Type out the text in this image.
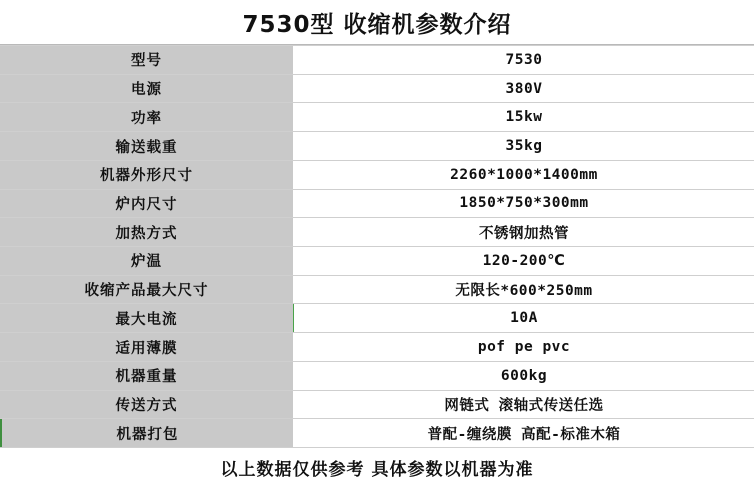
7530型 收缩机参数介绍
型号	7530
电源	380V
功率	15kw
输送载重	35kg
机器外形尺寸	2260*1000*1400mm
炉内尺寸	1850*750*300mm
加热方式	不锈钢加热管
炉温	120-200℃
收缩产品最大尺寸	无限长*600*250mm
最大电流	10A
适用薄膜	pof pe pvc
机器重量	600kg
传送方式	网链式 滚轴式传送任选
机器打包	普配-缠绕膜 高配-标准木箱
以上数据仅供参考 具体参数以机器为准
